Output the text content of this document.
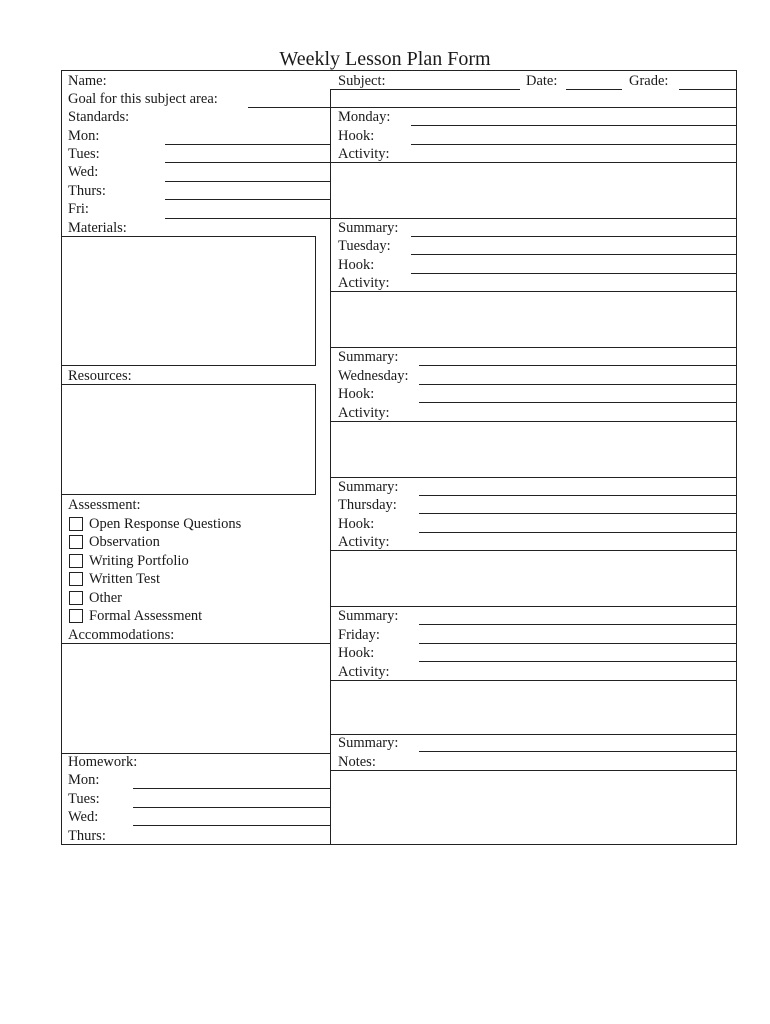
Weekly Lesson Plan Form
Name:	Subject:	Date:	Grade:
Goal for this subject area:
Standards:
Mon:
Tues:
Wed:
Thurs:
Fri:
Materials:
Resources:
Assessment:
Open Response Questions
Observation
Writing Portfolio
Written Test
Other
Formal Assessment
Accommodations:
Homework:
Mon:
Tues:
Wed:
Thurs:
Monday:
Hook:
Activity:
Summary:
Tuesday:
Hook:
Activity:
Summary:
Wednesday:
Hook:
Activity:
Summary:
Thursday:
Hook:
Activity:
Summary:
Friday:
Hook:
Activity:
Summary:
Notes:
